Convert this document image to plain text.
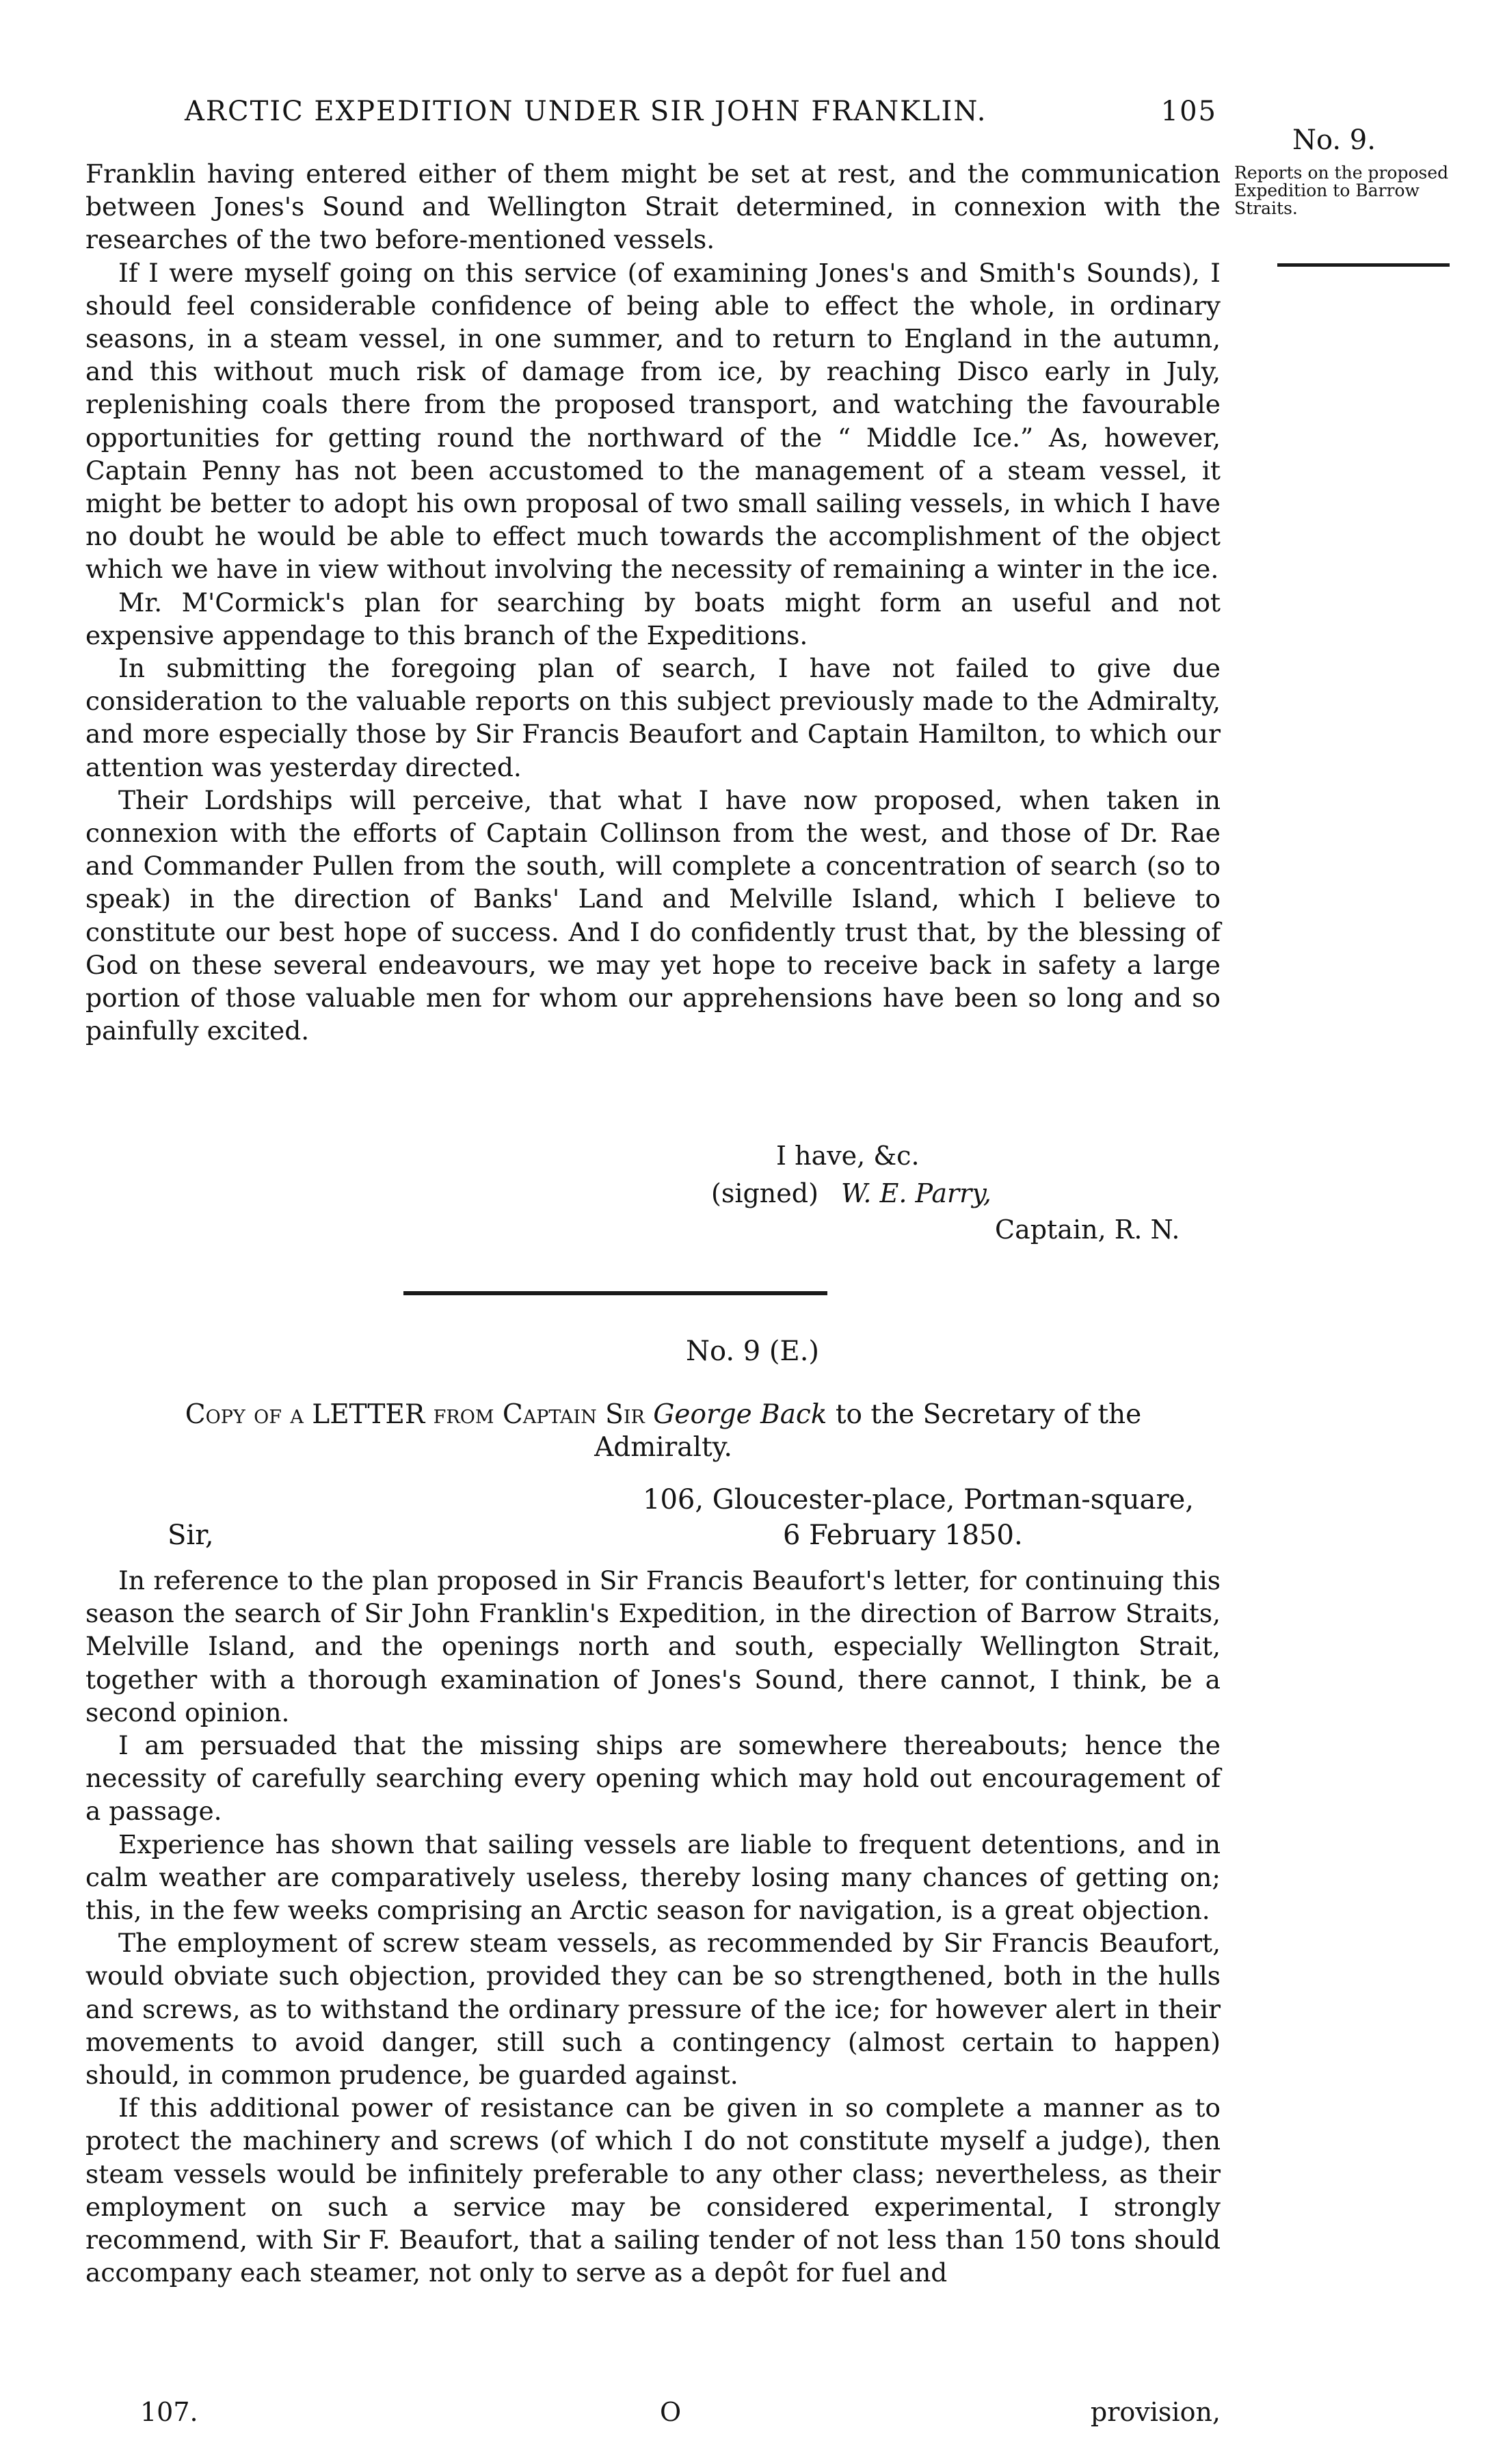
ARCTIC EXPEDITION UNDER SIR JOHN FRANKLIN.	105
No. 9.
Reports on the proposed Expedition to Barrow Straits.

Franklin having entered either of them might be set at rest, and the communication between Jones's Sound and Wellington Strait determined, in connexion with the researches of the two before-mentioned vessels.

If I were myself going on this service (of examining Jones's and Smith's Sounds), I should feel considerable confidence of being able to effect the whole, in ordinary seasons, in a steam vessel, in one summer, and to return to England in the autumn, and this without much risk of damage from ice, by reaching Disco early in July, replenishing coals there from the proposed transport, and watching the favourable opportunities for getting round the northward of the “ Middle Ice.” As, however, Captain Penny has not been accustomed to the management of a steam vessel, it might be better to adopt his own proposal of two small sailing vessels, in which I have no doubt he would be able to effect much towards the accomplishment of the object which we have in view without involving the necessity of remaining a winter in the ice.

Mr. M'Cormick's plan for searching by boats might form an useful and not expensive appendage to this branch of the Expeditions.

In submitting the foregoing plan of search, I have not failed to give due consideration to the valuable reports on this subject previously made to the Admiralty, and more especially those by Sir Francis Beaufort and Captain Hamilton, to which our attention was yesterday directed.

Their Lordships will perceive, that what I have now proposed, when taken in connexion with the efforts of Captain Collinson from the west, and those of Dr. Rae and Commander Pullen from the south, will complete a concentration of search (so to speak) in the direction of Banks' Land and Melville Island, which I believe to constitute our best hope of success. And I do confidently trust that, by the blessing of God on these several endeavours, we may yet hope to receive back in safety a large portion of those valuable men for whom our apprehensions have been so long and so painfully excited.

I have, &c.
(signed) W. E. Parry,
Captain, R. N.
No. 9 (E.)
Copy of a LETTER from Captain Sir George Back to the Secretary of the Admiralty.
106, Gloucester-place, Portman-square,
Sir,	6 February 1850.

In reference to the plan proposed in Sir Francis Beaufort's letter, for continuing this season the search of Sir John Franklin's Expedition, in the direction of Barrow Straits, Melville Island, and the openings north and south, especially Wellington Strait, together with a thorough examination of Jones's Sound, there cannot, I think, be a second opinion.

I am persuaded that the missing ships are somewhere thereabouts; hence the necessity of carefully searching every opening which may hold out encouragement of a passage.

Experience has shown that sailing vessels are liable to frequent detentions, and in calm weather are comparatively useless, thereby losing many chances of getting on; this, in the few weeks comprising an Arctic season for navigation, is a great objection.

The employment of screw steam vessels, as recommended by Sir Francis Beaufort, would obviate such objection, provided they can be so strengthened, both in the hulls and screws, as to withstand the ordinary pressure of the ice; for however alert in their movements to avoid danger, still such a contingency (almost certain to happen) should, in common prudence, be guarded against.

If this additional power of resistance can be given in so complete a manner as to protect the machinery and screws (of which I do not constitute myself a judge), then steam vessels would be infinitely preferable to any other class; nevertheless, as their employment on such a service may be considered experimental, I strongly recommend, with Sir F. Beaufort, that a sailing tender of not less than 150 tons should accompany each steamer, not only to serve as a depôt for fuel and

107.	O	provision,
